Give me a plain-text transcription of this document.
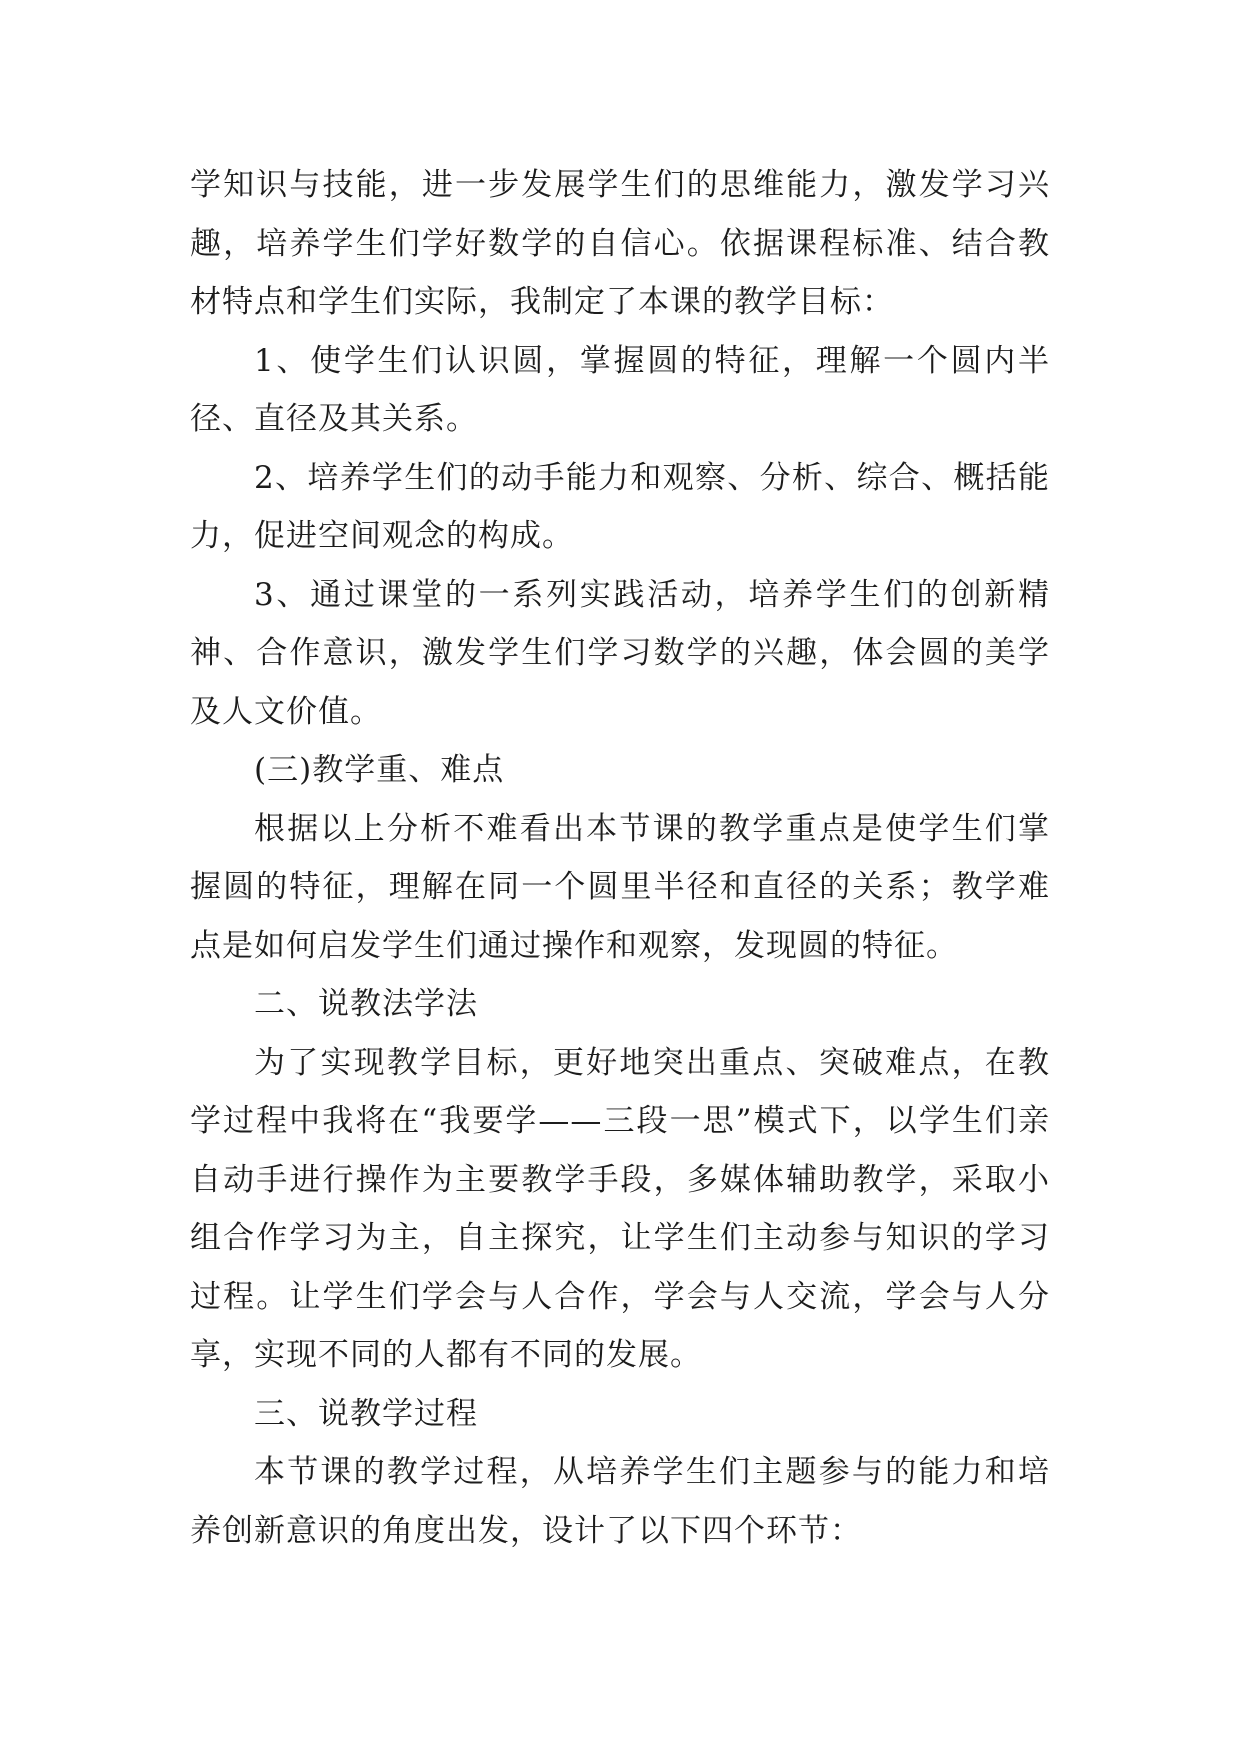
学知识与技能，进一步发展学生们的思维能力，激发学习兴趣，培养学生们学好数学的自信心。依据课程标准、结合教材特点和学生们实际，我制定了本课的教学目标：

1、使学生们认识圆，掌握圆的特征，理解一个圆内半径、直径及其关系。

2、培养学生们的动手能力和观察、分析、综合、概括能力，促进空间观念的构成。

3、通过课堂的一系列实践活动，培养学生们的创新精神、合作意识，激发学生们学习数学的兴趣，体会圆的美学及人文价值。

(三)教学重、难点

根据以上分析不难看出本节课的教学重点是使学生们掌握圆的特征，理解在同一个圆里半径和直径的关系；教学难点是如何启发学生们通过操作和观察，发现圆的特征。

二、说教法学法

为了实现教学目标，更好地突出重点、突破难点，在教学过程中我将在“我要学——三段一思”模式下，以学生们亲自动手进行操作为主要教学手段，多媒体辅助教学，采取小组合作学习为主，自主探究，让学生们主动参与知识的学习过程。让学生们学会与人合作，学会与人交流，学会与人分享，实现不同的人都有不同的发展。

三、说教学过程

本节课的教学过程，从培养学生们主题参与的能力和培养创新意识的角度出发，设计了以下四个环节：
